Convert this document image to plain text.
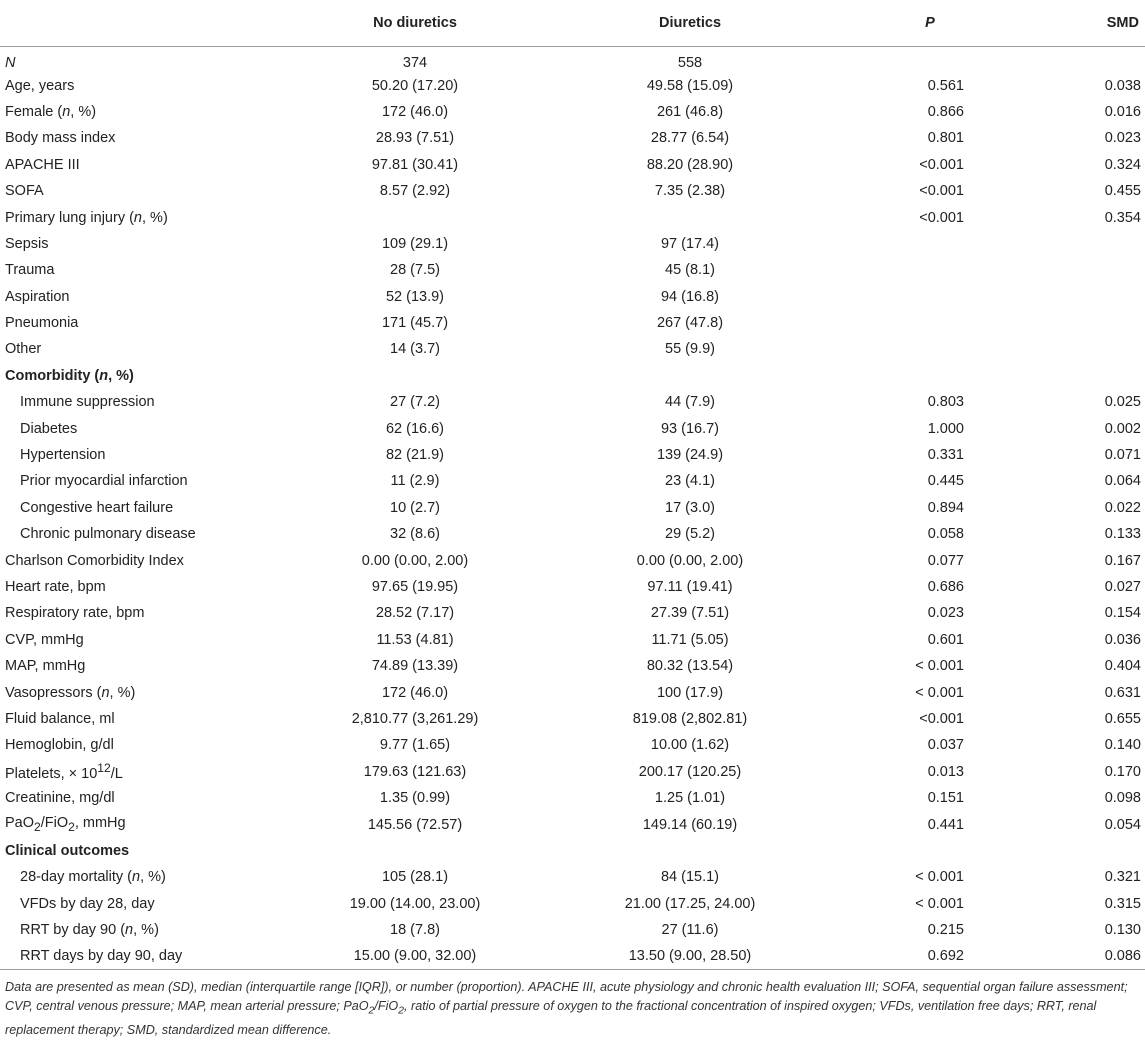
	No diuretics	Diuretics	P	SMD
N	374	558		
Age, years	50.20 (17.20)	49.58 (15.09)	0.561	0.038
Female (n, %)	172 (46.0)	261 (46.8)	0.866	0.016
Body mass index	28.93 (7.51)	28.77 (6.54)	0.801	0.023
APACHE III	97.81 (30.41)	88.20 (28.90)	<0.001	0.324
SOFA	8.57 (2.92)	7.35 (2.38)	<0.001	0.455
Primary lung injury (n, %)			<0.001	0.354
Sepsis	109 (29.1)	97 (17.4)		
Trauma	28 (7.5)	45 (8.1)		
Aspiration	52 (13.9)	94 (16.8)		
Pneumonia	171 (45.7)	267 (47.8)		
Other	14 (3.7)	55 (9.9)		
Comorbidity (n, %)				
Immune suppression	27 (7.2)	44 (7.9)	0.803	0.025
Diabetes	62 (16.6)	93 (16.7)	1.000	0.002
Hypertension	82 (21.9)	139 (24.9)	0.331	0.071
Prior myocardial infarction	11 (2.9)	23 (4.1)	0.445	0.064
Congestive heart failure	10 (2.7)	17 (3.0)	0.894	0.022
Chronic pulmonary disease	32 (8.6)	29 (5.2)	0.058	0.133
Charlson Comorbidity Index	0.00 (0.00, 2.00)	0.00 (0.00, 2.00)	0.077	0.167
Heart rate, bpm	97.65 (19.95)	97.11 (19.41)	0.686	0.027
Respiratory rate, bpm	28.52 (7.17)	27.39 (7.51)	0.023	0.154
CVP, mmHg	11.53 (4.81)	11.71 (5.05)	0.601	0.036
MAP, mmHg	74.89 (13.39)	80.32 (13.54)	< 0.001	0.404
Vasopressors (n, %)	172 (46.0)	100 (17.9)	< 0.001	0.631
Fluid balance, ml	2,810.77 (3,261.29)	819.08 (2,802.81)	<0.001	0.655
Hemoglobin, g/dl	9.77 (1.65)	10.00 (1.62)	0.037	0.140
Platelets, × $10^{12}/L$	179.63 (121.63)	200.17 (120.25)	0.013	0.170
Creatinine, mg/dl	1.35 (0.99)	1.25 (1.01)	0.151	0.098
PaO$_2$/FiO$_2$, mmHg	145.56 (72.57)	149.14 (60.19)	0.441	0.054
Clinical outcomes				
28-day mortality (n, %)	105 (28.1)	84 (15.1)	< 0.001	0.321
VFDs by day 28, day	19.00 (14.00, 23.00)	21.00 (17.25, 24.00)	< 0.001	0.315
RRT by day 90 (n, %)	18 (7.8)	27 (11.6)	0.215	0.130
RRT days by day 90, day	15.00 (9.00, 32.00)	13.50 (9.00, 28.50)	0.692	0.086

Data are presented as mean (SD), median (interquartile range [IQR]), or number (proportion). APACHE III, acute physiology and chronic health evaluation III; SOFA, sequential organ failure assessment; CVP, central venous pressure; MAP, mean arterial pressure; PaO$_2$/FiO$_2$, ratio of partial pressure of oxygen to the fractional concentration of inspired oxygen; VFDs, ventilation free days; RRT, renal replacement therapy; SMD, standardized mean difference.
